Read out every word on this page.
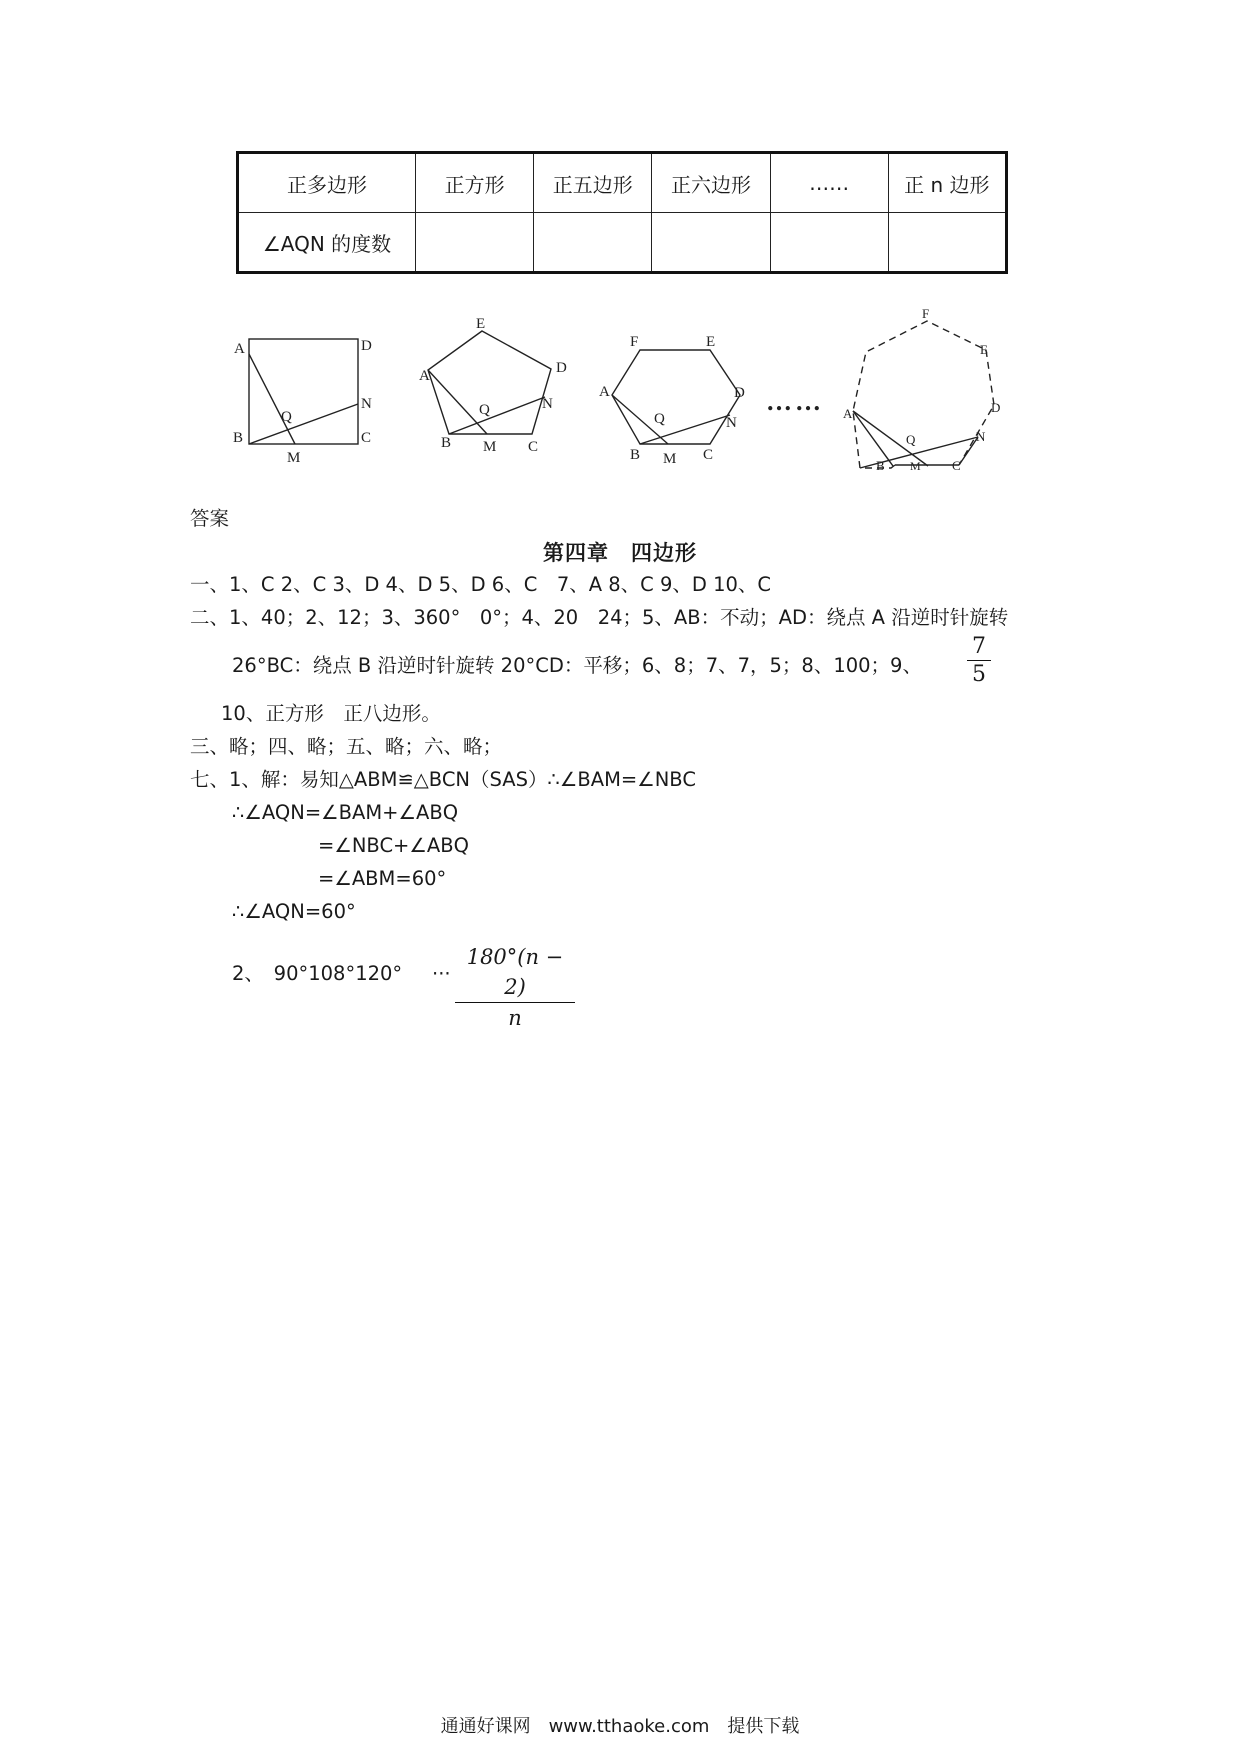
正多边形	正方形	正五边形	正六边形	……	正 n 边形
∠AQN 的度数					
A	D
N
Q
B	C
M
E
D
A
Q	N
B M C
F	E
D
A
Q	N
B M C
……
F
E
D
A
Q	N
B M C
答案
第四章　四边形
一、1、C 2、C 3、D 4、D 5、D 6、C　7、A 8、C 9、D 10、C
二、1、40；2、12；3、360°　0°；4、20　24；5、AB：不动；AD：绕点 A 沿逆时针旋转
26°BC：绕点 B 沿逆时针旋转 20°CD：平移；6、8；7、7，5；8、100；9、 $\frac{7}{5}$
10、正方形　正八边形。
三、略；四、略；五、略；六、略；
七、1、解：易知△ABM≌△BCN（SAS）∴∠BAM=∠NBC
∴∠AQN=∠BAM+∠ABQ
=∠NBC+∠ABQ
=∠ABM=60°
∴∠AQN=60°
2、　90°108°120° ··· $\frac{180^\circ(n - 2)}{n}$
通通好课网　www.tthaoke.com　提供下载
